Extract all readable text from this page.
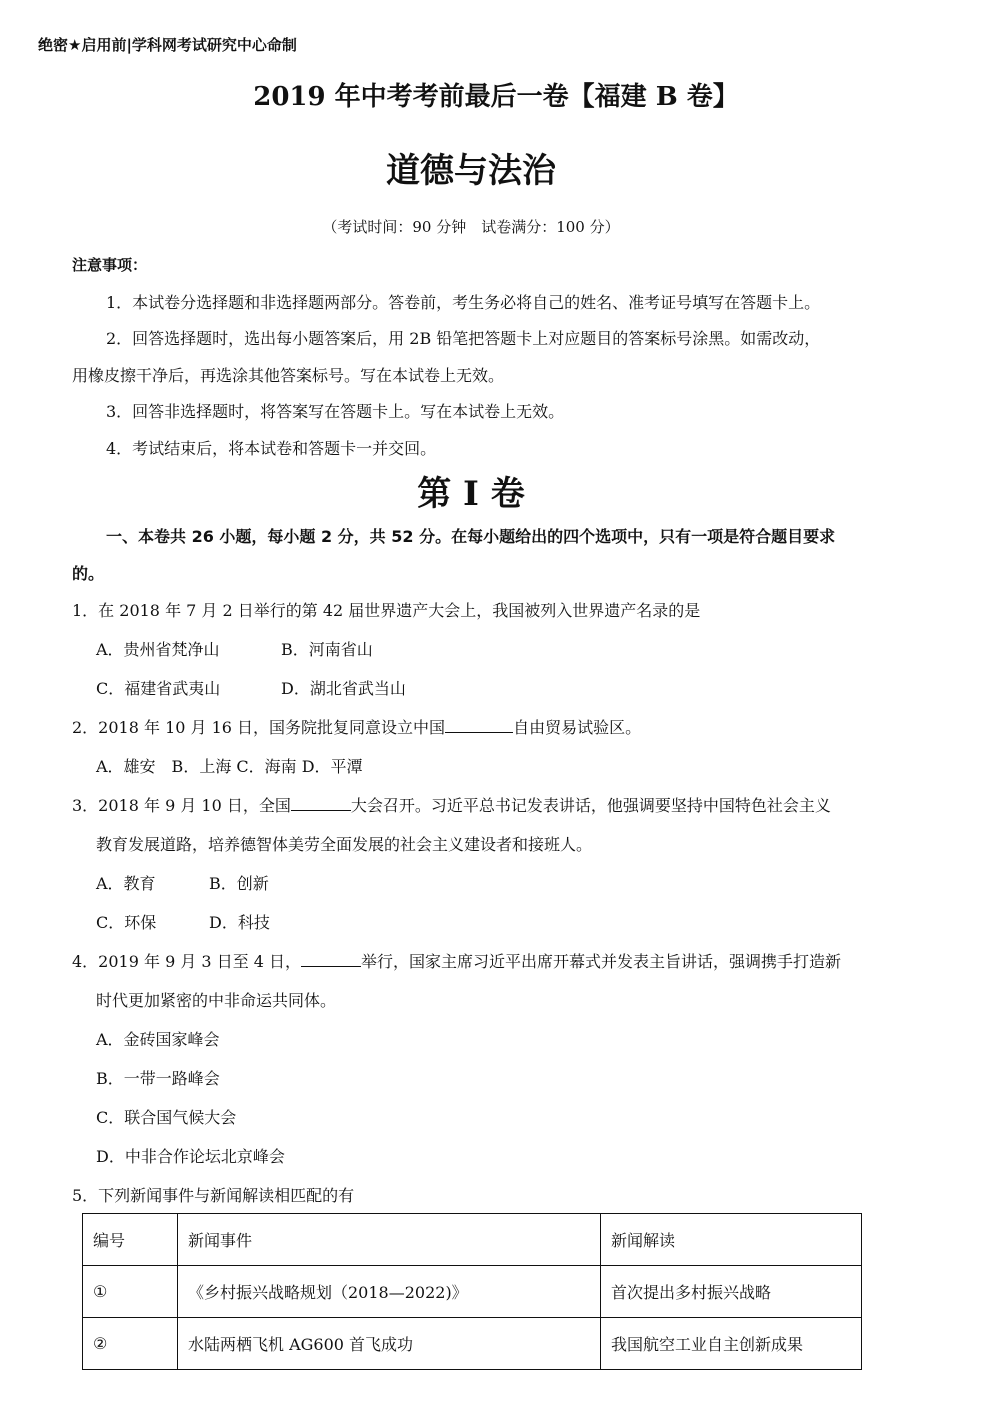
绝密★启用前|学科网考试研究中心命制
2019 年中考考前最后一卷【福建 B 卷】
道德与法治
（考试时间：90 分钟　试卷满分：100 分）
注意事项：
1．本试卷分选择题和非选择题两部分。答卷前，考生务必将自己的姓名、准考证号填写在答题卡上。
2．回答选择题时，选出每小题答案后，用 2B 铅笔把答题卡上对应题目的答案标号涂黑。如需改动，
用橡皮擦干净后，再选涂其他答案标号。写在本试卷上无效。
3．回答非选择题时，将答案写在答题卡上。写在本试卷上无效。
4．考试结束后，将本试卷和答题卡一并交回。
第 I 卷
一、本卷共 26 小题，每小题 2 分，共 52 分。在每小题给出的四个选项中，只有一项是符合题目要求
的。
1．在 2018 年 7 月 2 日举行的第 42 届世界遗产大会上，我国被列入世界遗产名录的是
A．贵州省梵净山	B．河南省山
C．福建省武夷山	D．湖北省武当山
2．2018 年 10 月 16 日，国务院批复同意设立中国	自由贸易试验区。
A．雄安　B．上海 C．海南 D．平潭
3．2018 年 9 月 10 日，全国	大会召开。习近平总书记发表讲话，他强调要坚持中国特色社会主义
教育发展道路，培养德智体美劳全面发展的社会主义建设者和接班人。
A．教育	B．创新
C．环保	D．科技
4．2019 年 9 月 3 日至 4 日，	举行，国家主席习近平出席开幕式并发表主旨讲话，强调携手打造新
时代更加紧密的中非命运共同体。
A．金砖国家峰会
B．一带一路峰会
C．联合国气候大会
D．中非合作论坛北京峰会
5．下列新闻事件与新闻解读相匹配的有
编号	新闻事件	新闻解读
①	《乡村振兴战略规划（2018—2022)》	首次提出多村振兴战略
②	水陆两栖飞机 AG600 首飞成功	我国航空工业自主创新成果
